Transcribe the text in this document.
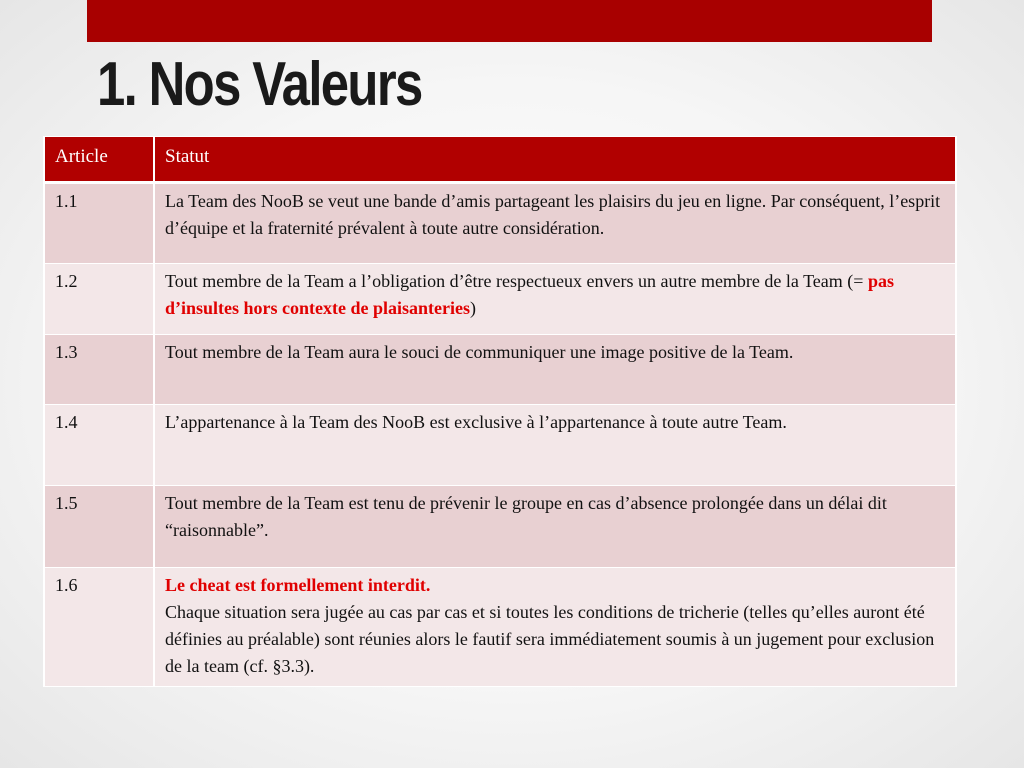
1. Nos Valeurs
Article	Statut
1.1	La Team des NooB se veut une bande d’amis partageant les plaisirs du jeu en ligne. Par conséquent, l’esprit d’équipe et la fraternité prévalent à toute autre considération.
1.2	Tout membre de la Team a l’obligation d’être respectueux envers un autre membre de la Team (= pas d’insultes hors contexte de plaisanteries)
1.3	Tout membre de la Team aura le souci de communiquer une image positive de la Team.
1.4	L’appartenance à la Team des NooB est exclusive à l’appartenance à toute autre Team.
1.5	Tout membre de la Team est tenu de prévenir le groupe en cas d’absence prolongée dans un délai dit “raisonnable”.
1.6	Le cheat est formellement interdit.
Chaque situation sera jugée au cas par cas et si toutes les conditions de tricherie (telles qu’elles auront été définies au préalable) sont réunies alors le fautif sera immédiatement soumis à un jugement pour exclusion de la team (cf. §3.3).
